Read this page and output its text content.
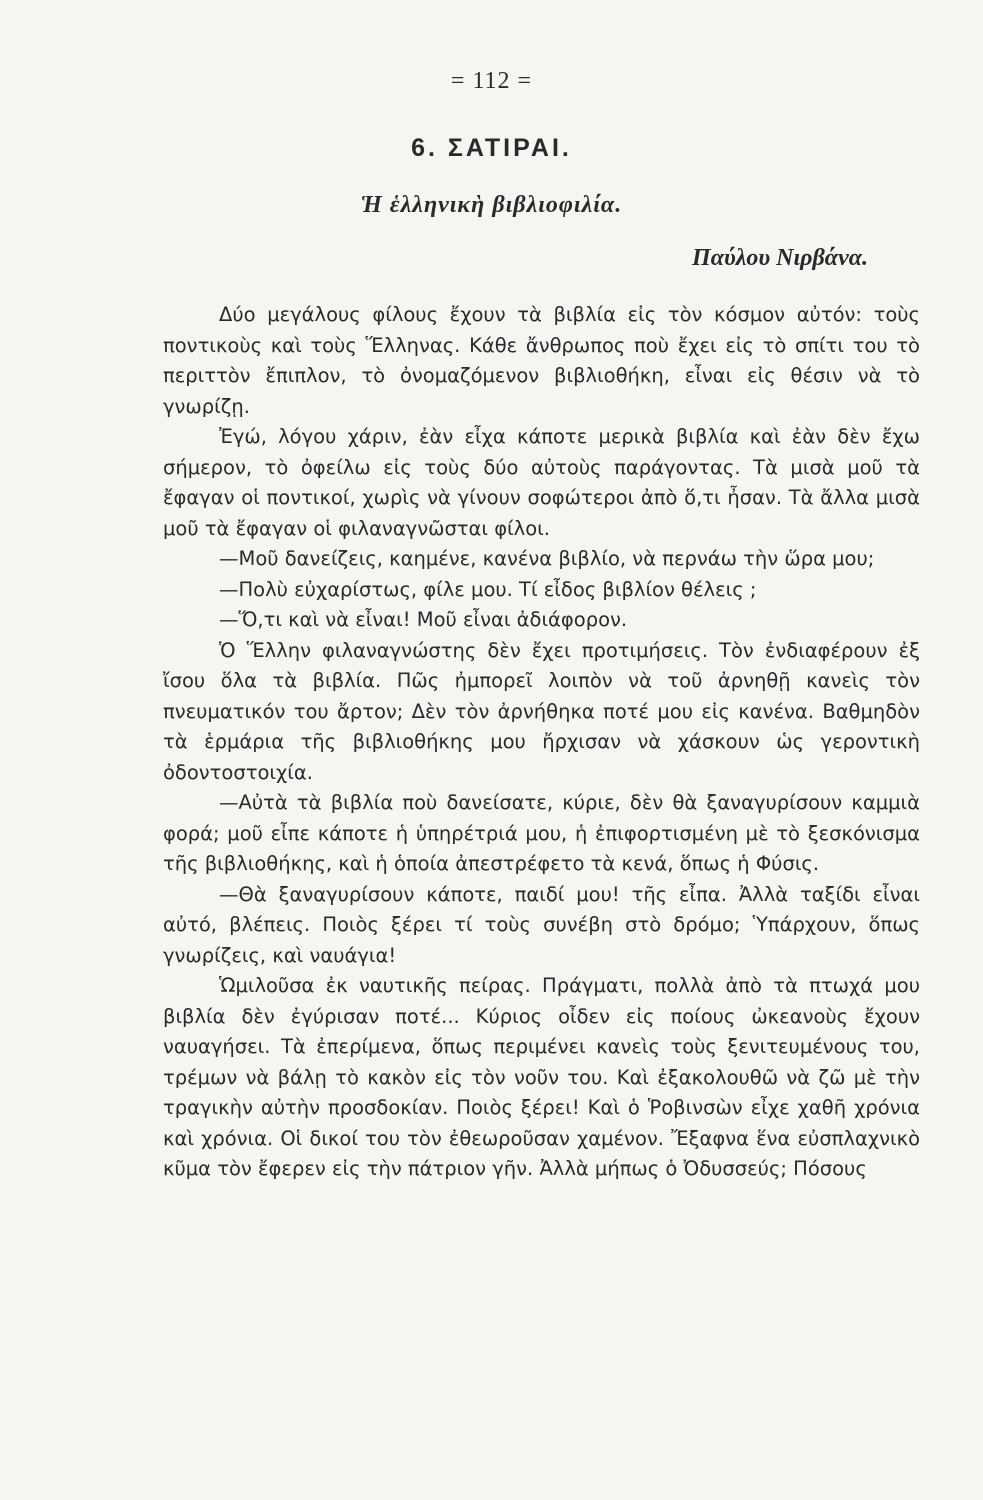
= 112 =
6. ΣΑΤΙΡΑΙ.
Ἡ ἑλληνικὴ βιβλιοφιλία.
Παύλου Νιρβάνα.

Δύο μεγάλους φίλους ἔχουν τὰ βιβλία εἰς τὸν κόσμον αὐτόν: τοὺς ποντικοὺς καὶ τοὺς Ἕλληνας. Κάθε ἄνθρωπος ποὺ ἔχει εἰς τὸ σπίτι του τὸ περιττὸν ἔπιπλον, τὸ ὀνομαζόμενον βιβλιοθήκη, εἶναι εἰς θέσιν νὰ τὸ γνωρίζῃ.

Ἐγώ, λόγου χάριν, ἐὰν εἶχα κάποτε μερικὰ βιβλία καὶ ἐὰν δὲν ἔχω σήμερον, τὸ ὀφείλω εἰς τοὺς δύο αὐτοὺς παράγοντας. Τὰ μισὰ μοῦ τὰ ἔφαγαν οἱ ποντικοί, χωρὶς νὰ γίνουν σοφώτεροι ἀπὸ ὅ,τι ἦσαν. Τὰ ἄλλα μισὰ μοῦ τὰ ἔφαγαν οἱ φιλαναγνῶσται φίλοι.

—Μοῦ δανείζεις, καημένε, κανένα βιβλίο, νὰ περνάω τὴν ὥρα μου;

—Πολὺ εὐχαρίστως, φίλε μου. Τί εἶδος βιβλίον θέλεις ;

—Ὅ,τι καὶ νὰ εἶναι! Μοῦ εἶναι ἀδιάφορον.

Ὁ Ἕλλην φιλαναγνώστης δὲν ἔχει προτιμήσεις. Τὸν ἐνδιαφέρουν ἐξ ἴσου ὅλα τὰ βιβλία. Πῶς ἠμπορεῖ λοιπὸν νὰ τοῦ ἀρνηθῇ κανεὶς τὸν πνευματικόν του ἄρτον; Δὲν τὸν ἀρνήθηκα ποτέ μου εἰς κανένα. Βαθμηδὸν τὰ ἑρμάρια τῆς βιβλιοθήκης μου ἤρχισαν νὰ χάσκουν ὡς γεροντικὴ ὀδοντοστοιχία.

—Αὐτὰ τὰ βιβλία ποὺ δανείσατε, κύριε, δὲν θὰ ξαναγυρίσουν καμμιὰ φορά; μοῦ εἶπε κάποτε ἡ ὑπηρέτριά μου, ἡ ἐπιφορτισμένη μὲ τὸ ξεσκόνισμα τῆς βιβλιοθήκης, καὶ ἡ ὁποία ἀπεστρέφετο τὰ κενά, ὅπως ἡ Φύσις.

—Θὰ ξαναγυρίσουν κάποτε, παιδί μου! τῆς εἶπα. Ἀλλὰ ταξίδι εἶναι αὐτό, βλέπεις. Ποιὸς ξέρει τί τοὺς συνέβη στὸ δρόμο; Ὑπάρχουν, ὅπως γνωρίζεις, καὶ ναυάγια!

Ὡμιλοῦσα ἐκ ναυτικῆς πείρας. Πράγματι, πολλὰ ἀπὸ τὰ πτωχά μου βιβλία δὲν ἐγύρισαν ποτέ... Κύριος οἶδεν εἰς ποίους ὠκεανοὺς ἔχουν ναυαγήσει. Τὰ ἐπερίμενα, ὅπως περιμένει κανεὶς τοὺς ξενιτευμένους του, τρέμων νὰ βάλῃ τὸ κακὸν εἰς τὸν νοῦν του. Καὶ ἐξακολουθῶ νὰ ζῶ μὲ τὴν τραγικὴν αὐτὴν προσδοκίαν. Ποιὸς ξέρει! Καὶ ὁ Ῥοβινσὼν εἶχε χαθῆ χρόνια καὶ χρόνια. Οἱ δικοί του τὸν ἐθεωροῦσαν χαμένον. Ἔξαφνα ἕνα εὐσπλαχνικὸ κῦμα τὸν ἔφερεν εἰς τὴν πάτριον γῆν. Ἀλλὰ μήπως ὁ Ὀδυσσεύς; Πόσους
